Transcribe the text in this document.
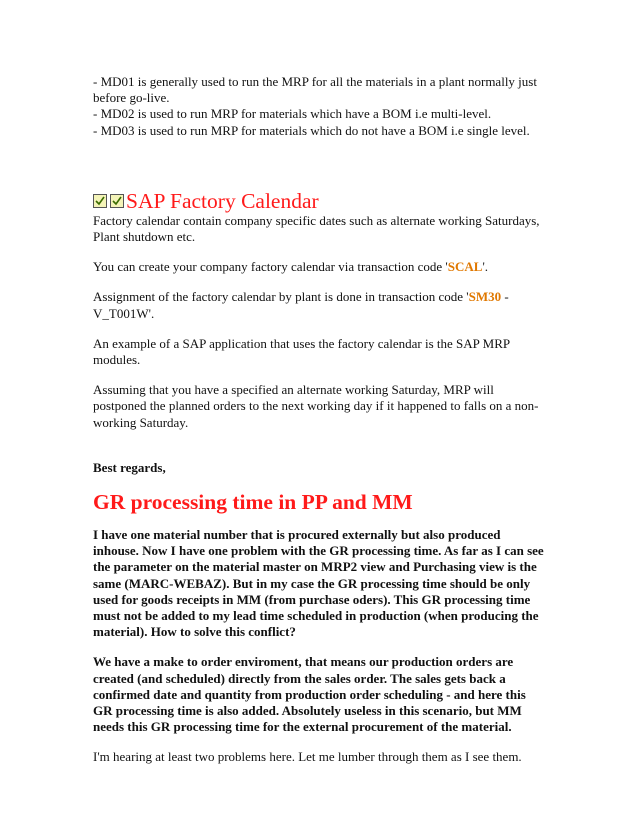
- MD01 is generally used to run the MRP for all the materials in a plant normally just before go-live.

- MD02 is used to run MRP for materials which have a BOM i.e multi-level.

- MD03 is used to run MRP for materials which do not have a BOM i.e single level.

SAP Factory Calendar

Factory calendar contain company specific dates such as alternate working Saturdays, Plant shutdown etc.

You can create your company factory calendar via transaction code 'SCAL'.

Assignment of the factory calendar by plant is done in transaction code 'SM30 - V_T001W'.

An example of a SAP application that uses the factory calendar is the SAP MRP modules.

Assuming that you have a specified an alternate working Saturday, MRP will postponed the planned orders to the next working day if it happened to falls on a non-working Saturday.

Best regards,

GR processing time in PP and MM

I have one material number that is procured externally but also produced inhouse. Now I have one problem with the GR processing time. As far as I can see the parameter on the material master on MRP2 view and Purchasing view is the same (MARC-WEBAZ). But in my case the GR processing time should be only used for goods receipts in MM (from purchase oders). This GR processing time must not be added to my lead time scheduled in production (when producing the material). How to solve this conflict?

We have a make to order enviroment, that means our production orders are created (and scheduled) directly from the sales order. The sales gets back a confirmed date and quantity from production order scheduling - and here this GR processing time is also added. Absolutely useless in this scenario, but MM needs this GR processing time for the external procurement of the material.

I'm hearing at least two problems here. Let me lumber through them as I see them.
